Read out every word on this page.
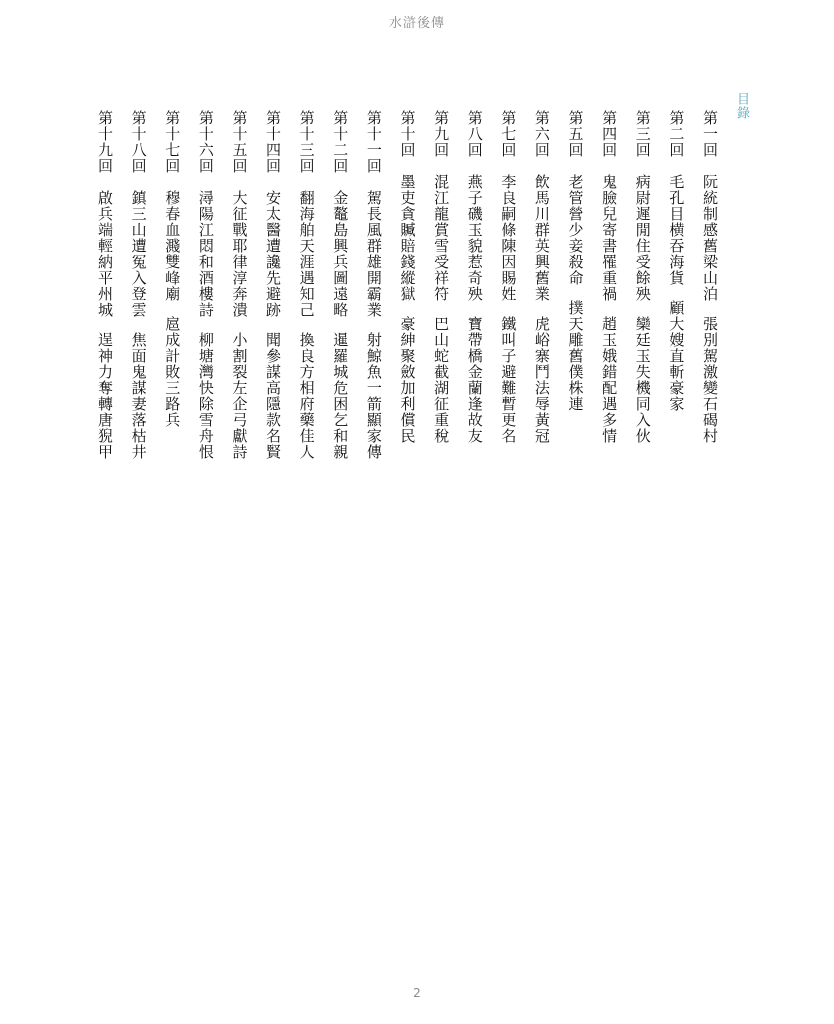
水滸後傳
目錄
第一回阮統制感舊梁山泊張別駕激變石碣村
第二回毛孔目横吞海貨顧大嫂直斬豪家
第三回病尉遲閒住受餘殃欒廷玉失機同入伙
第四回鬼臉兒寄書罹重禍趙玉娥錯配遇多情
第五回老管營少妾殺命撲天雕舊僕株連
第六回飲馬川群英興舊業虎峪寨鬥法辱黃冠
第七回李良嗣條陳因賜姓鐵叫子避難暫更名
第八回燕子磯玉貌惹奇殃寶帶橋金蘭逢故友
第九回混江龍賞雪受祥符巴山蛇截湖征重稅
第十回墨吏貪贓賠錢縱獄豪紳聚斂加利償民
第十一回駕長風群雄開霸業射鯨魚一箭顯家傳
第十二回金鼇島興兵圖遠略暹羅城危困乞和親
第十三回翻海舶天涯遇知己換良方相府藥佳人
第十四回安太醫遭讒先避跡聞參謀高隱款名賢
第十五回大征戰耶律淳奔潰小割裂左企弓獻詩
第十六回潯陽江悶和酒樓詩柳塘灣快除雪舟恨
第十七回穆春血濺雙峰廟扈成計敗三路兵
第十八回鎮三山遭冤入登雲焦面鬼謀妻落枯井
第十九回啟兵端輕納平州城逞神力奪轉唐猊甲
2
